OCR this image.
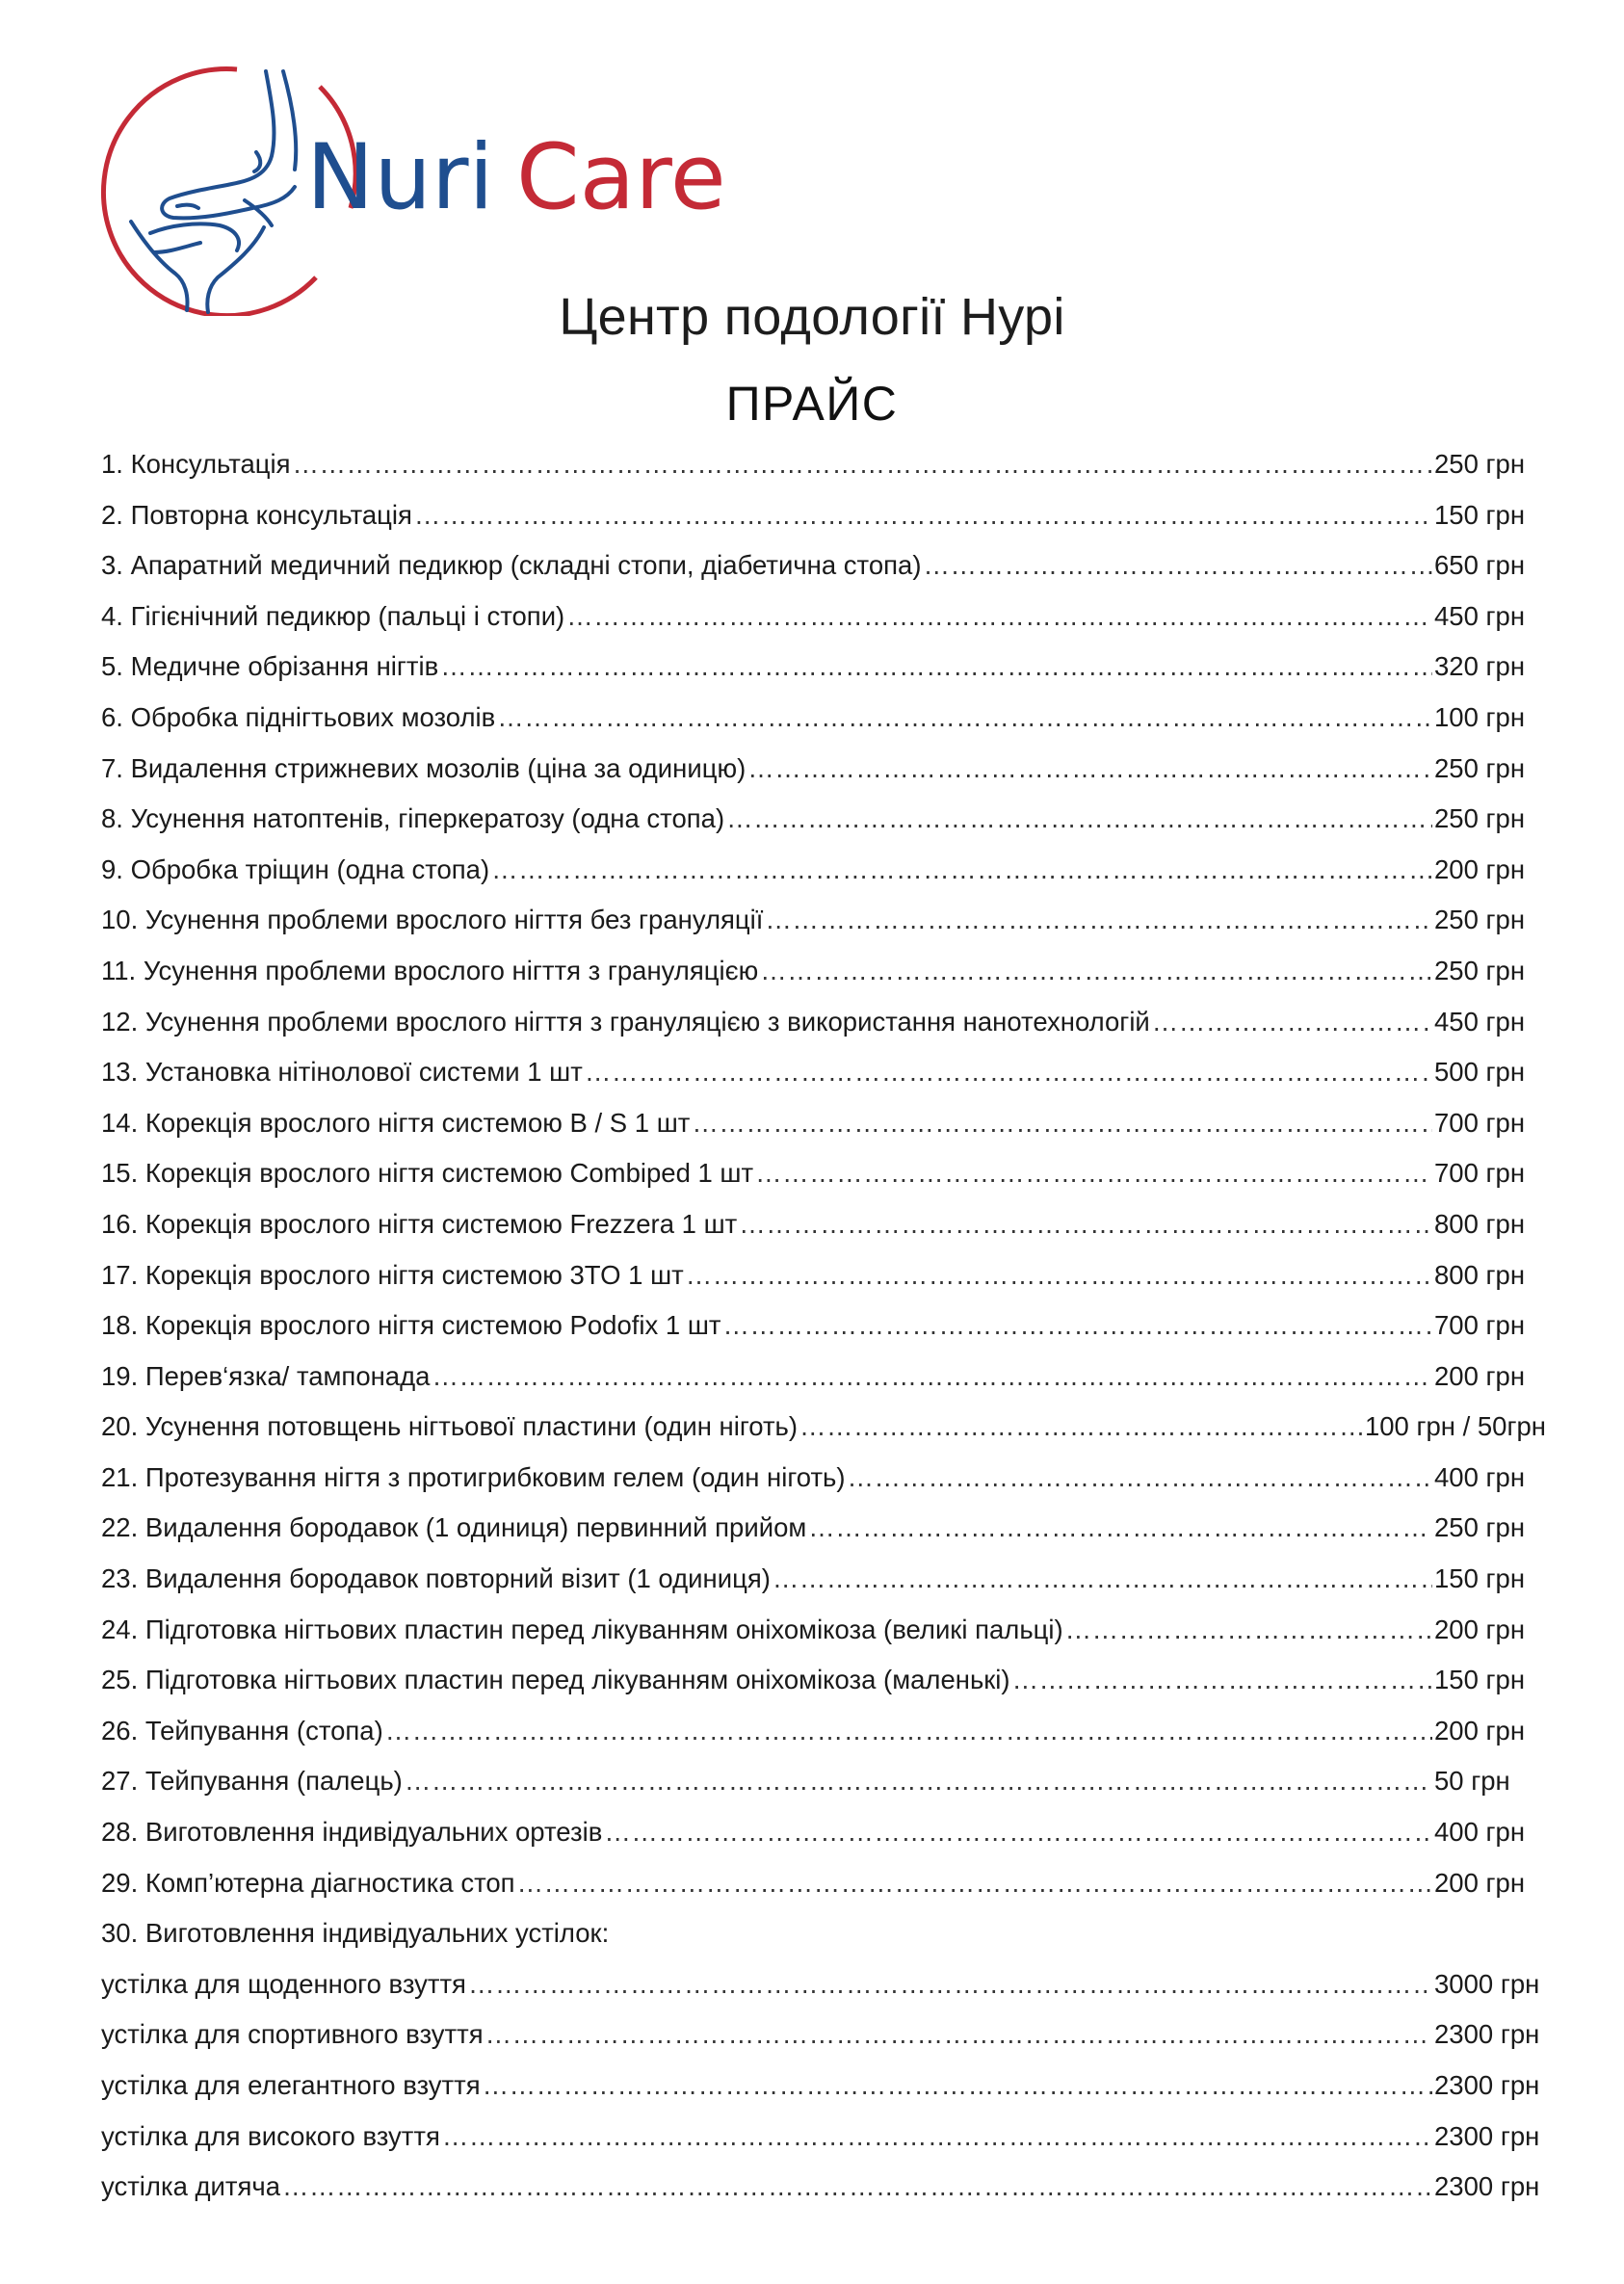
Nuri Care
Центр подології Нурі
ПРАЙС
1. Консультація ………………………………………………………………………………………………………………………………………………………………………………………………………………………………………	250 грн
2. Повторна консультація ………………………………………………………………………………………………………………………………………………………………………………………………………………………………………	150 грн
3. Апаратний медичний педикюр (складні стопи, діабетична стопа) ………………………………………………………………………………………………………………………………………………………………………………………………………………………………………	650 грн
4. Гігієнічний педикюр (пальці і стопи) ………………………………………………………………………………………………………………………………………………………………………………………………………………………………………	450 грн
5. Медичне обрізання нігтів ………………………………………………………………………………………………………………………………………………………………………………………………………………………………………	320 грн
6. Обробка піднігтьових мозолів ………………………………………………………………………………………………………………………………………………………………………………………………………………………………………	100 грн
7. Видалення стрижневих мозолів (ціна за одиницю) ………………………………………………………………………………………………………………………………………………………………………………………………………………………………………	250 грн
8. Усунення натоптенів, гіперкератозу (одна стопа) ………………………………………………………………………………………………………………………………………………………………………………………………………………………………………	250 грн
9. Обробка тріщин (одна стопа) ………………………………………………………………………………………………………………………………………………………………………………………………………………………………………	200 грн
10. Усунення проблеми врослого нігття без грануляції ………………………………………………………………………………………………………………………………………………………………………………………………………………………………………	250 грн
11. Усунення проблеми врослого нігття з грануляцією ………………………………………………………………………………………………………………………………………………………………………………………………………………………………………	250 грн
12. Усунення проблеми врослого нігття з грануляцією з використання нанотехнологій ………………………………………………………………………………………………………………………………………………………………………………………………………………………………………	450 грн
13. Установка нітінолової системи 1 шт ………………………………………………………………………………………………………………………………………………………………………………………………………………………………………	500 грн
14. Корекція врослого нігтя системою B / S 1 шт ………………………………………………………………………………………………………………………………………………………………………………………………………………………………………	700 грн
15. Корекція врослого нігтя системою Combiped 1 шт ………………………………………………………………………………………………………………………………………………………………………………………………………………………………………	700 грн
16. Корекція врослого нігтя системою Frezzera 1 шт ………………………………………………………………………………………………………………………………………………………………………………………………………………………………………	800 грн
17. Корекція врослого нігтя системою 3TO 1 шт ………………………………………………………………………………………………………………………………………………………………………………………………………………………………………	800 грн
18. Корекція врослого нігтя системою Podofix 1 шт ………………………………………………………………………………………………………………………………………………………………………………………………………………………………………	700 грн
19. Перев‘язка/ тампонада ………………………………………………………………………………………………………………………………………………………………………………………………………………………………………	200 грн
20. Усунення потовщень нігтьової пластини (один ніготь) ………………………………………………………………………………………………………………………………………………………………………………………………………………………………………	100 грн / 50грн
21. Протезування нігтя з протигрибковим гелем (один ніготь) ………………………………………………………………………………………………………………………………………………………………………………………………………………………………………	400 грн
22. Видалення бородавок (1 одиниця) первинний прийом ………………………………………………………………………………………………………………………………………………………………………………………………………………………………………	250 грн
23. Видалення бородавок повторний візит (1 одиниця) ………………………………………………………………………………………………………………………………………………………………………………………………………………………………………	150 грн
24. Підготовка нігтьових пластин перед лікуванням оніхомікоза (великі пальці) ………………………………………………………………………………………………………………………………………………………………………………………………………………………………………	200 грн
25. Підготовка нігтьових пластин перед лікуванням оніхомікоза (маленькі) ………………………………………………………………………………………………………………………………………………………………………………………………………………………………………	150 грн
26. Тейпування (стопа) ………………………………………………………………………………………………………………………………………………………………………………………………………………………………………	200 грн
27. Тейпування (палець) ………………………………………………………………………………………………………………………………………………………………………………………………………………………………………	50 грн
28. Виготовлення індивідуальних ортезів ………………………………………………………………………………………………………………………………………………………………………………………………………………………………………	400 грн
29. Комп’ютерна діагностика стоп ………………………………………………………………………………………………………………………………………………………………………………………………………………………………………	200 грн
30. Виготовлення індивідуальних устілок:
устілка для щоденного взуття ………………………………………………………………………………………………………………………………………………………………………………………………………………………………………	3000 грн
устілка для спортивного взуття ………………………………………………………………………………………………………………………………………………………………………………………………………………………………………	2300 грн
устілка для елегантного взуття ………………………………………………………………………………………………………………………………………………………………………………………………………………………………………	2300 грн
устілка для високого взуття ………………………………………………………………………………………………………………………………………………………………………………………………………………………………………	2300 грн
устілка дитяча ………………………………………………………………………………………………………………………………………………………………………………………………………………………………………	2300 грн
